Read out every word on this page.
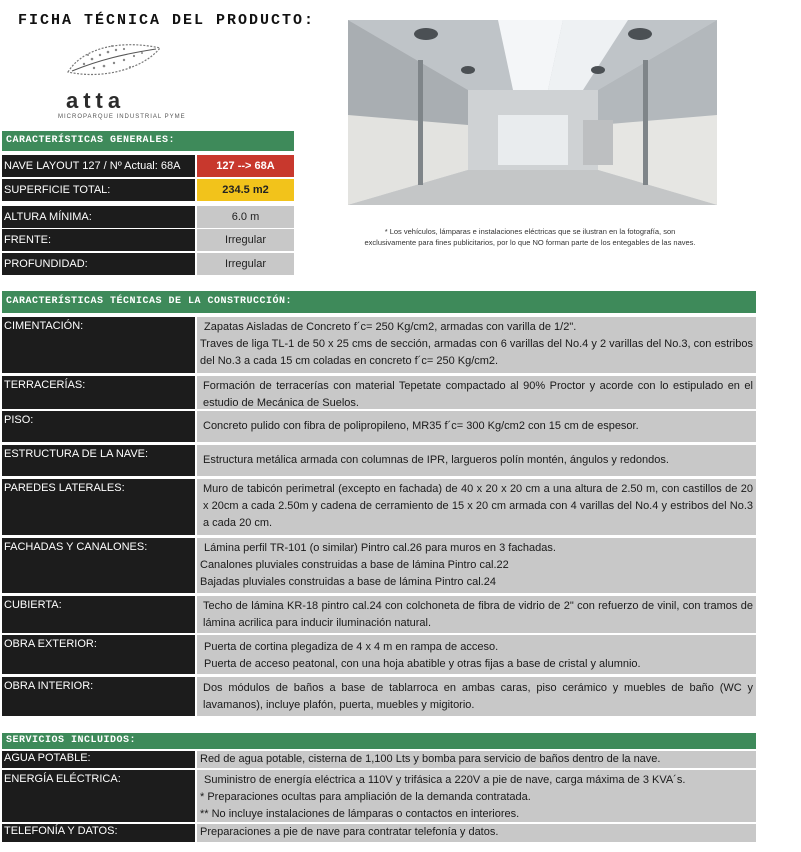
FICHA TÉCNICA DEL PRODUCTO:
atta
MICROPARQUE INDUSTRIAL PYME
CARACTERÍSTICAS GENERALES:
NAVE LAYOUT 127 / Nº Actual: 68A	127 --> 68A
SUPERFICIE TOTAL:	234.5 m2
ALTURA MÍNIMA:	6.0 m
FRENTE:	Irregular
PROFUNDIDAD:	Irregular
* Los vehículos, lámparas e instalaciones eléctricas que se ilustran en la fotografía, son
exclusivamente para fines publicitarios, por lo que NO forman parte de los entegables de las naves.
CARACTERÍSTICAS TÉCNICAS DE LA CONSTRUCCIÓN:
CIMENTACIÓN:	Zapatas Aisladas de Concreto f´c= 250 Kg/cm2, armadas con varilla de 1/2".
Traves de liga TL-1 de 50 x 25 cms de sección, armadas con 6 varillas del No.4 y 2 varillas del No.3, con estribos del No.3 a cada 15 cm coladas en concreto f´c= 250 Kg/cm2.
TERRACERÍAS:	Formación de terracerías con material Tepetate compactado al 90% Proctor y acorde con lo estipulado en el estudio de Mecánica de Suelos.
PISO:	Concreto pulido con fibra de polipropileno, MR35 f´c= 300 Kg/cm2 con 15 cm de espesor.
ESTRUCTURA DE LA NAVE:	Estructura metálica armada con columnas de IPR, largueros polín montén, ángulos y redondos.
PAREDES LATERALES:	Muro de tabicón perimetral (excepto en fachada) de 40 x 20 x 20 cm a una altura de 2.50 m, con castillos de 20 x 20cm a cada 2.50m y cadena de cerramiento de 15 x 20 cm armada con 4 varillas del No.4 y estribos del No.3 a cada 20 cm.
FACHADAS Y CANALONES:	Lámina perfil TR-101 (o similar) Pintro cal.26 para muros en 3 fachadas.
Canalones pluviales construidas a base de lámina Pintro cal.22
Bajadas pluviales construidas a base de lámina Pintro cal.24
CUBIERTA:	Techo de lámina KR-18 pintro cal.24 con colchoneta de fibra de vidrio de 2" con refuerzo de vinil, con tramos de lámina acrilica para inducir iluminación natural.
OBRA EXTERIOR:	Puerta de cortina plegadiza de 4 x 4 m en rampa de acceso.
Puerta de acceso peatonal, con una hoja abatible y otras fijas a base de cristal y alumnio.
OBRA INTERIOR:	Dos módulos de baños a base de tablarroca en ambas caras, piso cerámico y muebles de baño (WC y lavamanos), incluye plafón, puerta, muebles y migitorio.
SERVICIOS INCLUIDOS:
AGUA POTABLE:	Red de agua potable, cisterna de 1,100 Lts y bomba para servicio de baños dentro de la nave.
ENERGÍA ELÉCTRICA:	Suministro de energía eléctrica a 110V y trifásica a 220V a pie de nave, carga máxima de 3 KVA´s.
* Preparaciones ocultas para ampliación de la demanda contratada.
** No incluye instalaciones de lámparas o contactos en interiores.
TELEFONÍA Y DATOS:	Preparaciones a pie de nave para contratar telefonía y datos.
